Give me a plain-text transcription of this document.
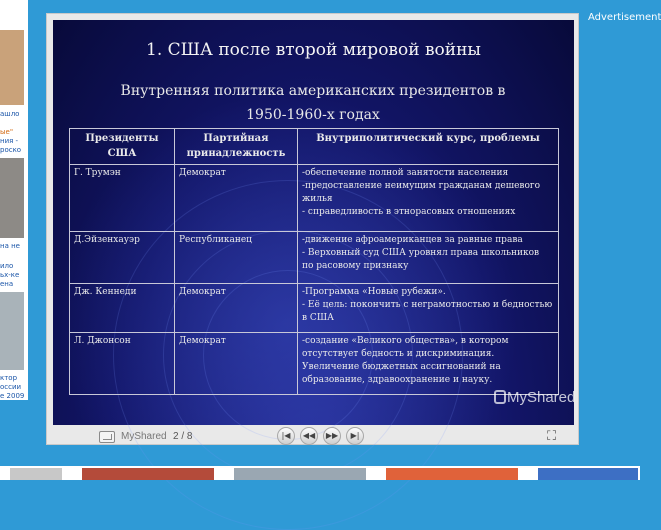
ашло
ые"
ния -
роско
на не
ило
ьх-ке
ена
ктор
оссии
е 2009
Advertisement
1. США после второй мировой войны
Внутренняя политика американских президентов в
1950-1960-х годах
Президенты США	Партийная принадлежность	Внутриполитический курс, проблемы
Г. Трумэн	Демократ	-обеспечение полной занятости населения
-предоставление неимущим гражданам дешевого
жилья
- справедливость в этнорасовых отношениях

Д.Эйзенхауэр	Республиканец	-движение афроамериканцев за равные права
- Верховный суд США уровнял права школьников
по расовому признаку

Дж. Кеннеди	Демократ	-Программа «Новые рубежи».
- Её цель: покончить с неграмотностью и бедностью
в США

Л. Джонсон	Демократ	-создание «Великого общества», в котором
отсутствует бедность и дискриминация.
Увеличение бюджетных ассигнований на
образование, здравоохранение и науку.
MyShared
MyShared 2 / 8	|◀	◀◀	▶▶	▶|	⛶
